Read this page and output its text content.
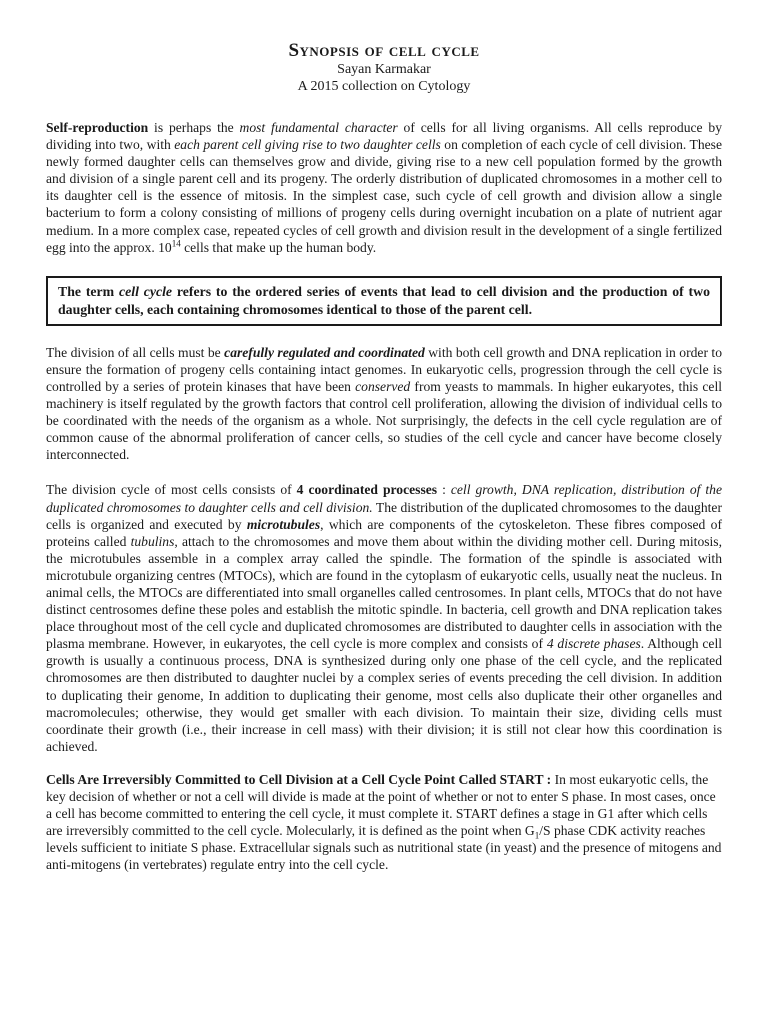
Synopsis of cell cycle
Sayan Karmakar
A 2015 collection on Cytology

Self-reproduction is perhaps the most fundamental character of cells for all living organisms. All cells reproduce by dividing into two, with each parent cell giving rise to two daughter cells on completion of each cycle of cell division. These newly formed daughter cells can themselves grow and divide, giving rise to a new cell population formed by the growth and division of a single parent cell and its progeny. The orderly distribution of duplicated chromosomes in a mother cell to its daughter cell is the essence of mitosis. In the simplest case, such cycle of cell growth and division allow a single bacterium to form a colony consisting of millions of progeny cells during overnight incubation on a plate of nutrient agar medium. In a more complex case, repeated cycles of cell growth and division result in the development of a single fertilized egg into the approx. $10^{14}$ cells that make up the human body.

The term cell cycle refers to the ordered series of events that lead to cell division and the production of two daughter cells, each containing chromosomes identical to those of the parent cell.

The division of all cells must be carefully regulated and coordinated with both cell growth and DNA replication in order to ensure the formation of progeny cells containing intact genomes. In eukaryotic cells, progression through the cell cycle is controlled by a series of protein kinases that have been conserved from yeasts to mammals. In higher eukaryotes, this cell machinery is itself regulated by the growth factors that control cell proliferation, allowing the division of individual cells to be coordinated with the needs of the organism as a whole. Not surprisingly, the defects in the cell cycle regulation are of common cause of the abnormal proliferation of cancer cells, so studies of the cell cycle and cancer have become closely interconnected.

The division cycle of most cells consists of 4 coordinated processes : cell growth, DNA replication, distribution of the duplicated chromosomes to daughter cells and cell division. The distribution of the duplicated chromosomes to the daughter cells is organized and executed by microtubules, which are components of the cytoskeleton. These fibres composed of proteins called tubulins, attach to the chromosomes and move them about within the dividing mother cell. During mitosis, the microtubules assemble in a complex array called the spindle. The formation of the spindle is associated with microtubule organizing centres (MTOCs), which are found in the cytoplasm of eukaryotic cells, usually neat the nucleus. In animal cells, the MTOCs are differentiated into small organelles called centrosomes. In plant cells, MTOCs that do not have distinct centrosomes define these poles and establish the mitotic spindle. In bacteria, cell growth and DNA replication takes place throughout most of the cell cycle and duplicated chromosomes are distributed to daughter cells in association with the plasma membrane. However, in eukaryotes, the cell cycle is more complex and consists of 4 discrete phases. Although cell growth is usually a continuous process, DNA is synthesized during only one phase of the cell cycle, and the replicated chromosomes are then distributed to daughter nuclei by a complex series of events preceding the cell division. In addition to duplicating their genome, In addition to duplicating their genome, most cells also duplicate their other organelles and macromolecules; otherwise, they would get smaller with each division. To maintain their size, dividing cells must coordinate their growth (i.e., their increase in cell mass) with their division; it is still not clear how this coordination is achieved.

Cells Are Irreversibly Committed to Cell Division at a Cell Cycle Point Called START : In most eukaryotic cells, the key decision of whether or not a cell will divide is made at the point of whether or not to enter S phase. In most cases, once a cell has become committed to entering the cell cycle, it must complete it. START defines a stage in G1 after which cells are irreversibly committed to the cell cycle. Molecularly, it is defined as the point when $G_1/S$ phase CDK activity reaches levels sufficient to initiate S phase. Extracellular signals such as nutritional state (in yeast) and the presence of mitogens and anti-mitogens (in vertebrates) regulate entry into the cell cycle.
